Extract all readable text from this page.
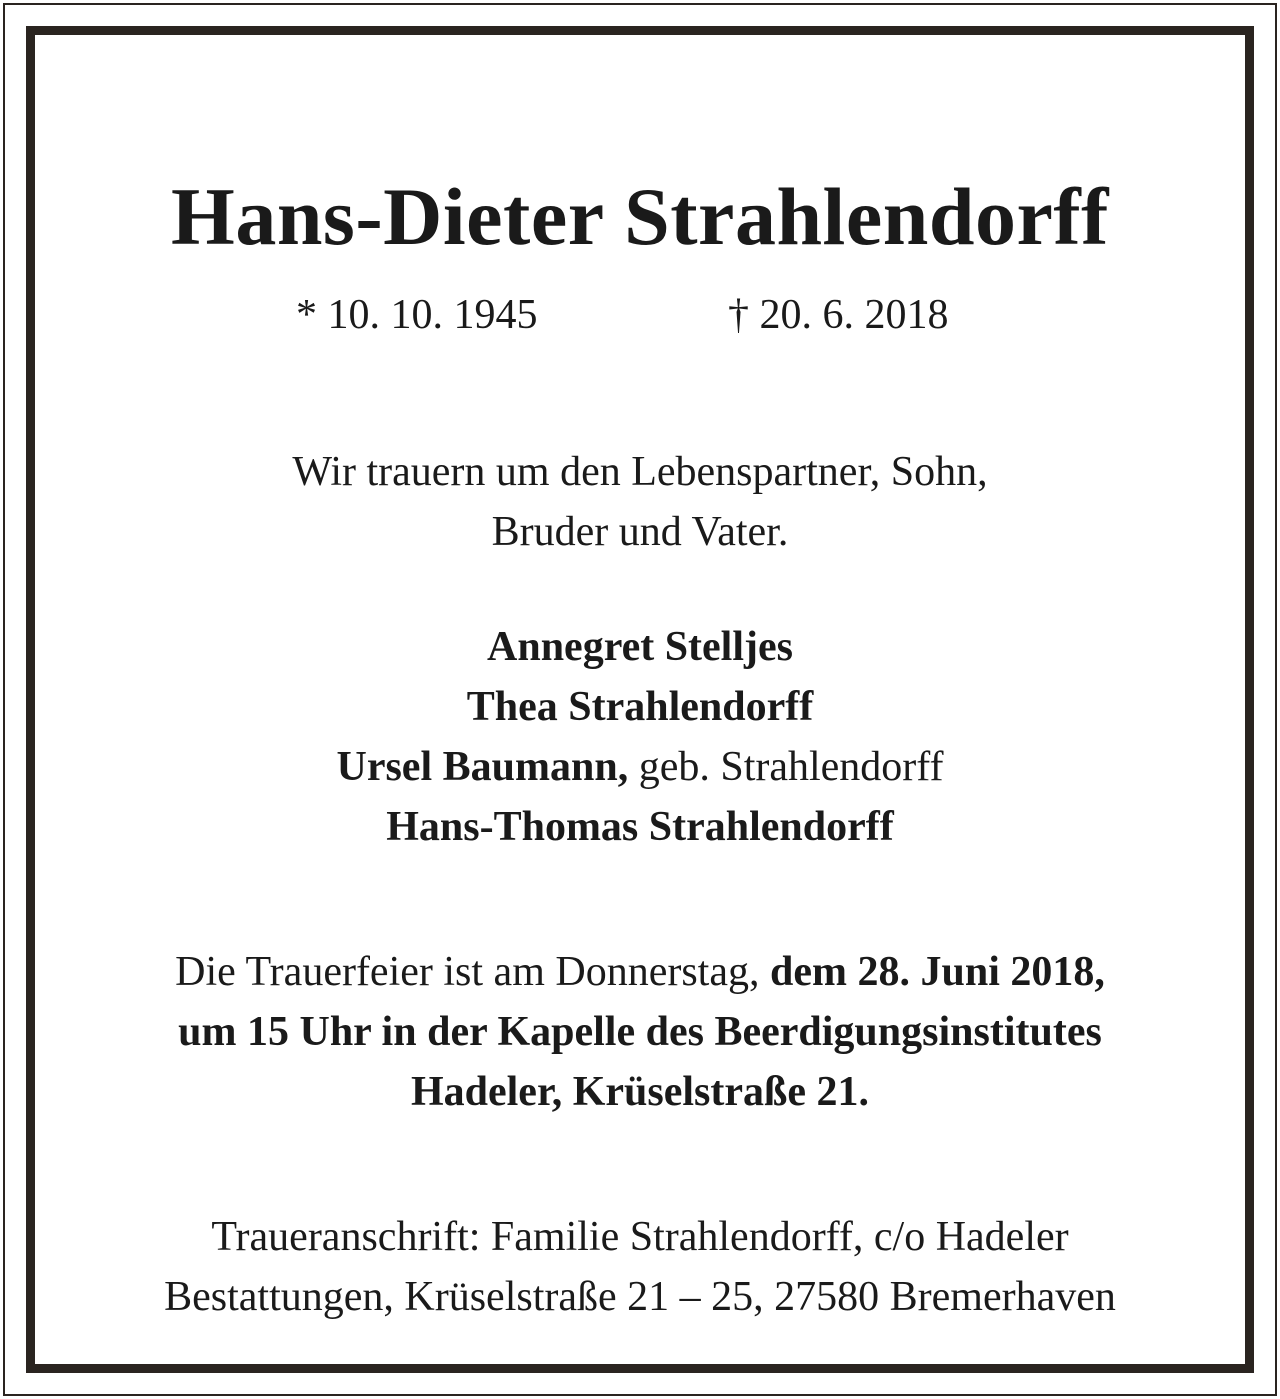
Hans-Dieter Strahlendorff
* 10. 10. 1945	† 20. 6. 2018
Wir trauern um den Lebenspartner, Sohn,
Bruder und Vater.
Annegret Stelljes
Thea Strahlendorff
Ursel Baumann, geb. Strahlendorff
Hans-Thomas Strahlendorff
Die Trauerfeier ist am Donnerstag, dem 28. Juni 2018,
um 15 Uhr in der Kapelle des Beerdigungsinstitutes
Hadeler, Krüselstraße 21.
Traueranschrift: Familie Strahlendorff, c/o Hadeler
Bestattungen, Krüselstraße 21 – 25, 27580 Bremerhaven
